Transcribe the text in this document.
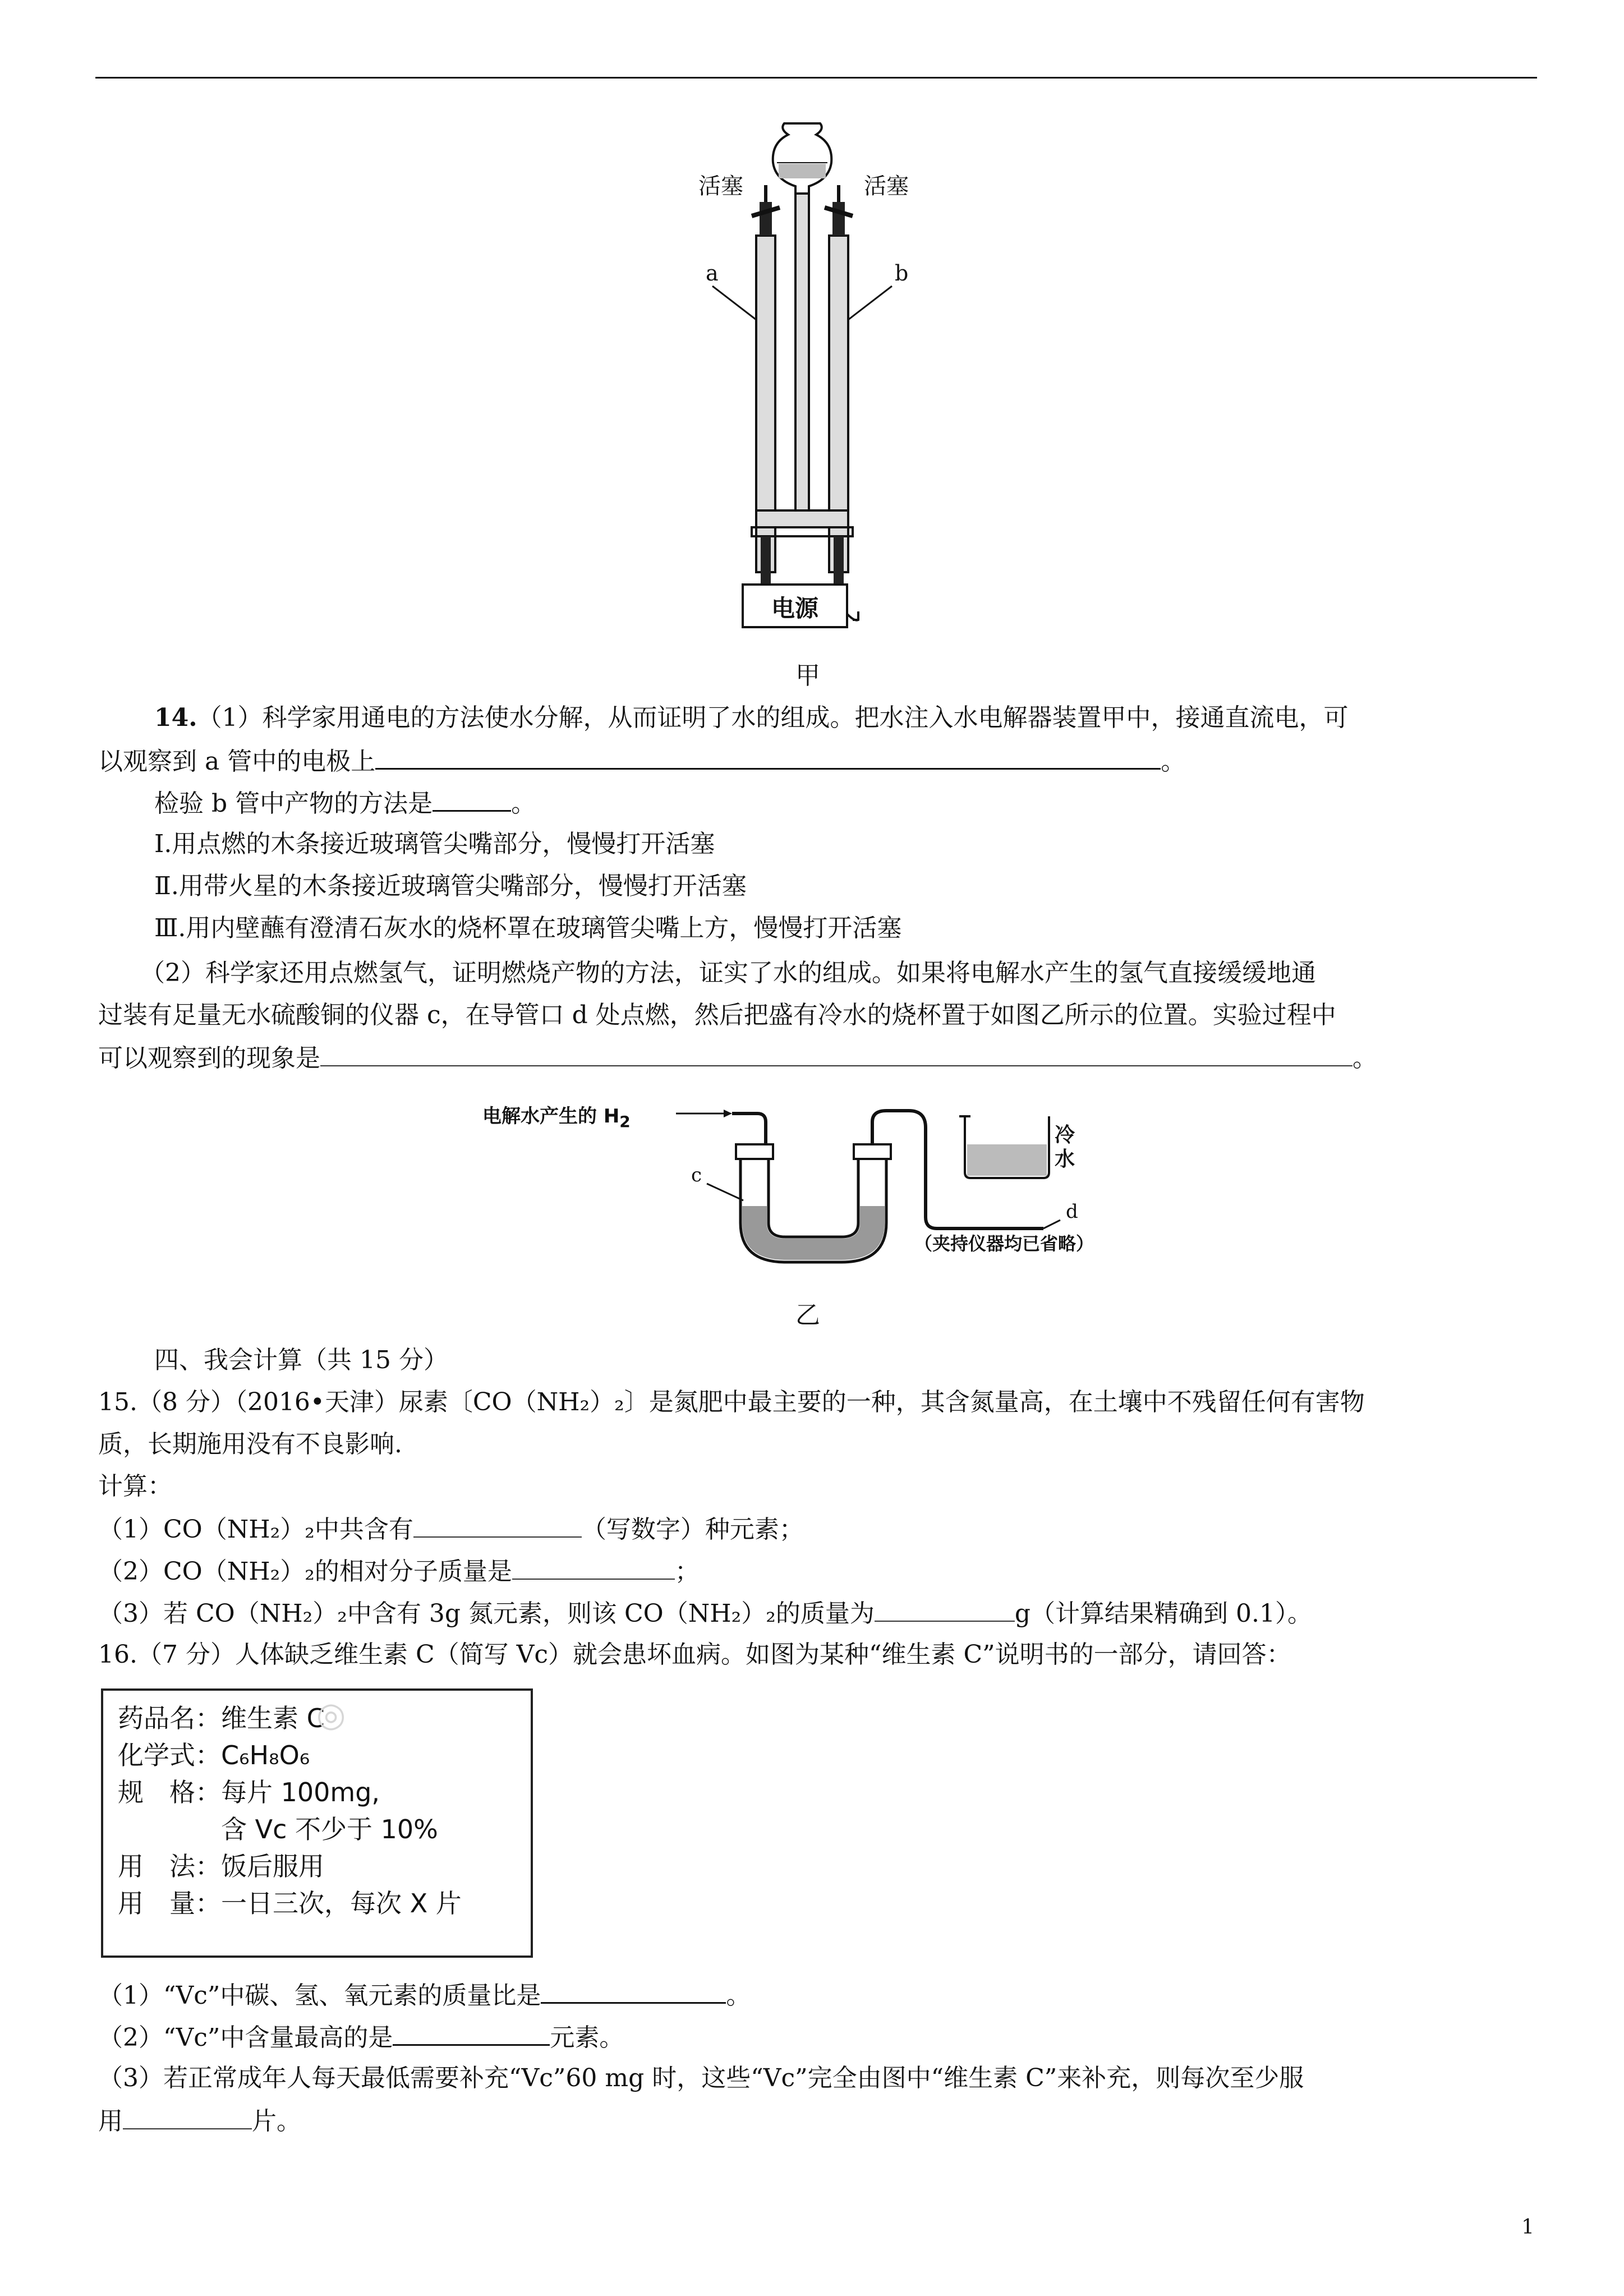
电源
活塞	活塞
a	b
甲
14.（1）科学家用通电的方法使水分解，从而证明了水的组成。把水注入水电解器装置甲中，接通直流电，可
以观察到 a 管中的电极上	。
检验 b 管中产物的方法是	。
Ⅰ.用点燃的木条接近玻璃管尖嘴部分，慢慢打开活塞
Ⅱ.用带火星的木条接近玻璃管尖嘴部分，慢慢打开活塞
Ⅲ.用内壁蘸有澄清石灰水的烧杯罩在玻璃管尖嘴上方，慢慢打开活塞
（2）科学家还用点燃氢气，证明燃烧产物的方法，证实了水的组成。如果将电解水产生的氢气直接缓缓地通
过装有足量无水硫酸铜的仪器 c，在导管口 d 处点燃，然后把盛有冷水的烧杯置于如图乙所示的位置。实验过程中
可以观察到的现象是	。
电解水产生的 $H_2$
c
d
冷
水
（夹持仪器均已省略）
乙
四、我会计算（共 15 分）
15.（8 分）（2016•天津）尿素〔CO（NH₂）₂〕是氮肥中最主要的一种，其含氮量高，在土壤中不残留任何有害物
质，长期施用没有不良影响.
计算：
（1）CO（NH₂）₂中共含有	（写数字）种元素；
（2）CO（NH₂）₂的相对分子质量是	；
（3）若 CO（NH₂）₂中含有 3g 氮元素，则该 CO（NH₂）₂的质量为	g（计算结果精确到 0.1）。
16.（7 分）人体缺乏维生素 C（简写 Vc）就会患坏血病。如图为某种“维生素 C”说明书的一部分，请回答：
◎
药品名：维生素 C
化学式：C₆H₈O₆
规　格：每片 100mg,
　　　　含 Vc 不少于 10%
用　法：饭后服用
用　量：一日三次，每次 X 片
（1）“Vc”中碳、氢、氧元素的质量比是	。
（2）“Vc”中含量最高的是	元素。
（3）若正常成年人每天最低需要补充“Vc”60 mg 时，这些“Vc”完全由图中“维生素 C”来补充，则每次至少服
用	片。
1
